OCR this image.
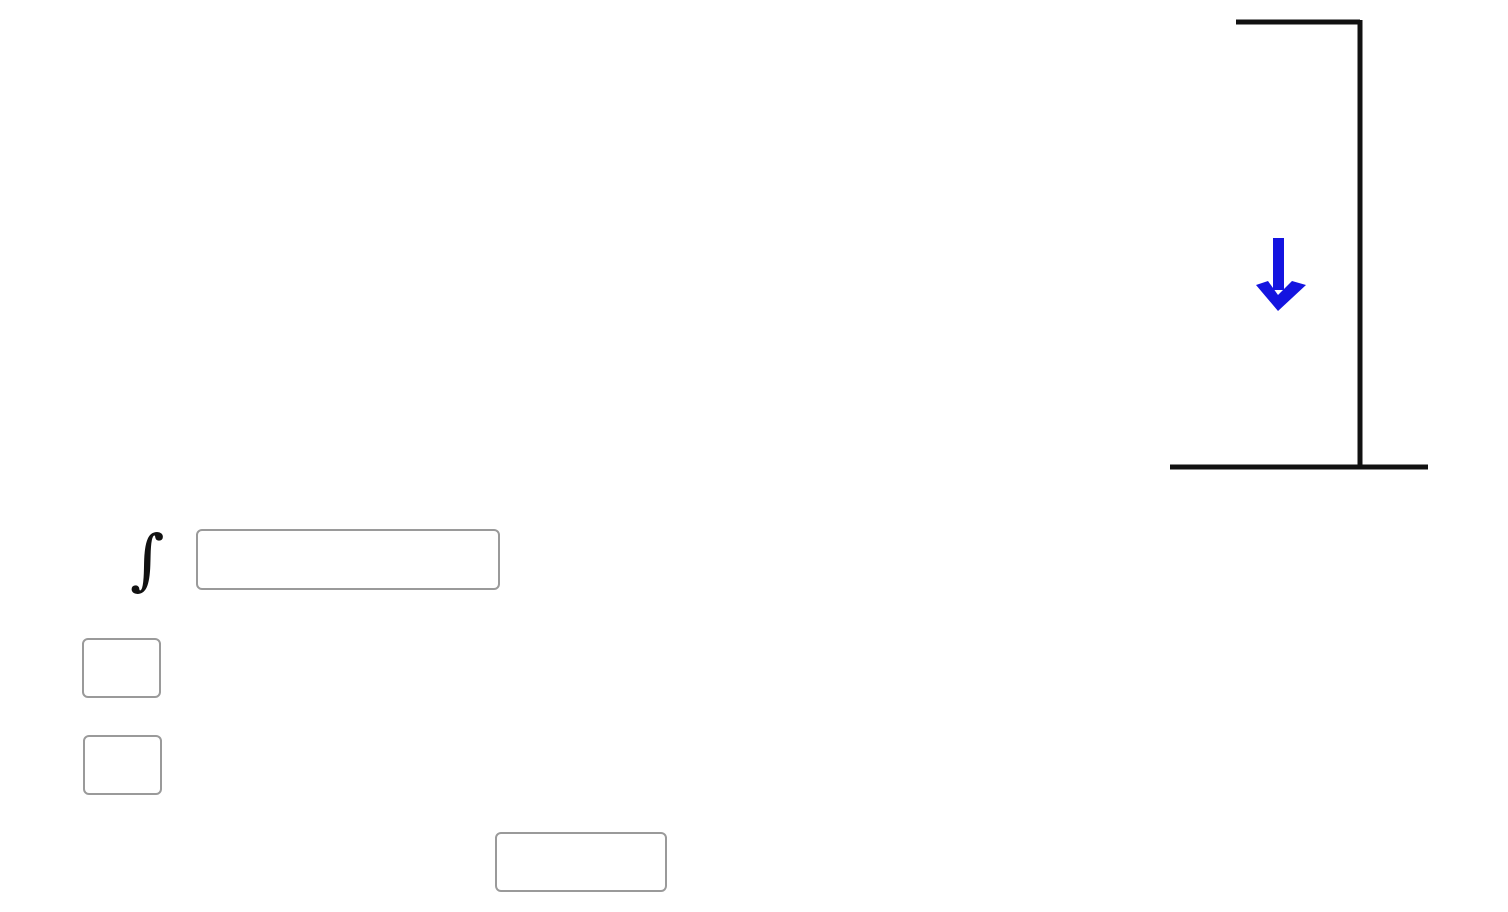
∫
